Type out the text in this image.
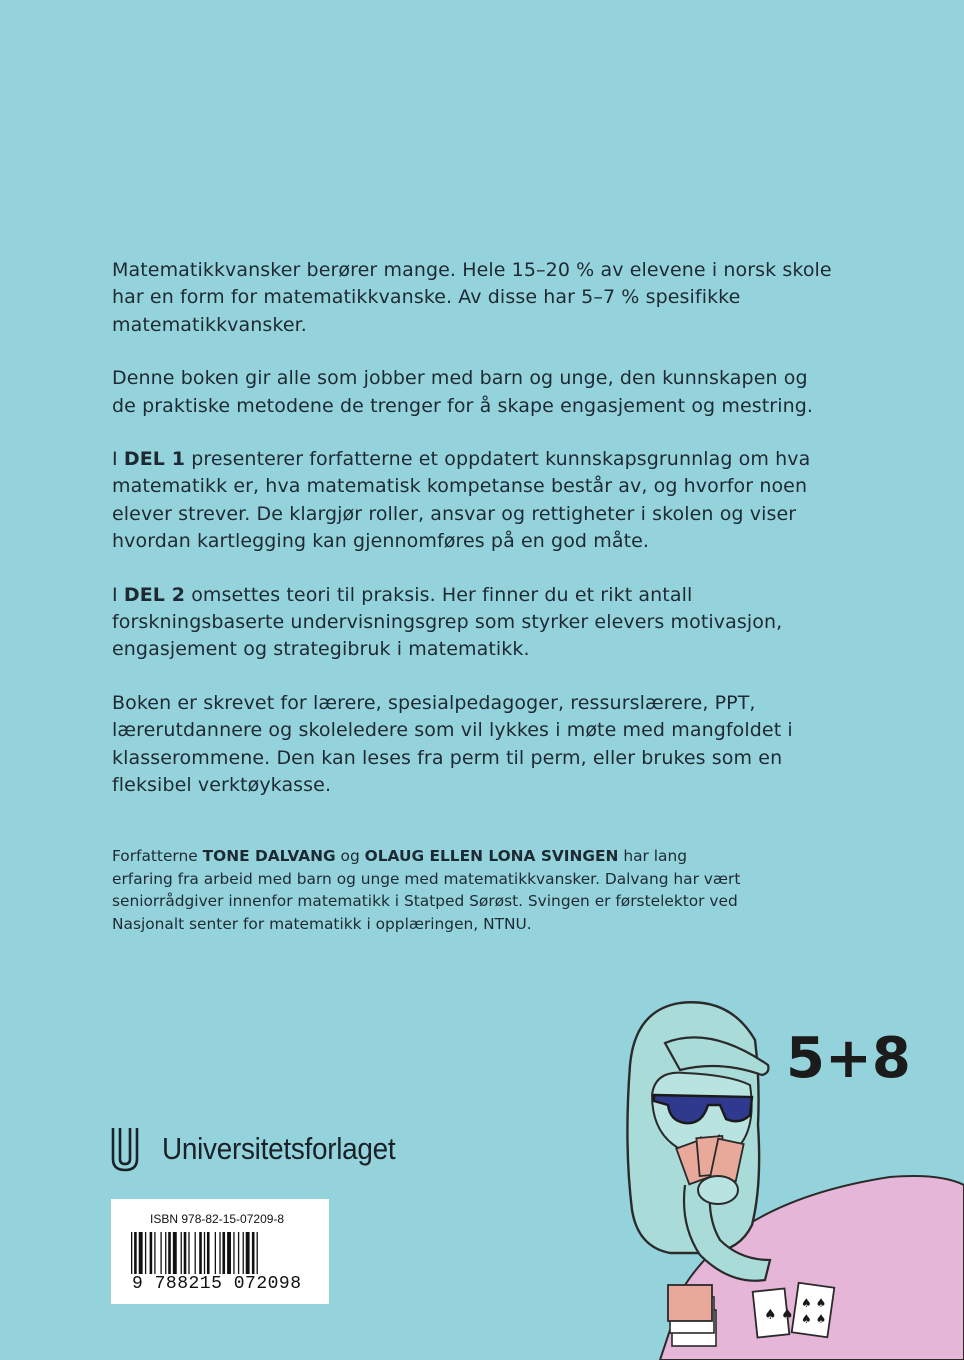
Matematikkvansker berører mange. Hele 15–20 % av elevene i norsk skole har en form for matematikkvanske. Av disse har 5–7 % spesifikke matematikkvansker.

Denne boken gir alle som jobber med barn og unge, den kunnskapen og de praktiske metodene de trenger for å skape engasjement og mestring.

I DEL 1 presenterer forfatterne et oppdatert kunnskapsgrunnlag om hva matematikk er, hva matematisk kompetanse består av, og hvorfor noen elever strever. De klargjør roller, ansvar og rettigheter i skolen og viser hvordan kartlegging kan gjennomføres på en god måte.

I DEL 2 omsettes teori til praksis. Her finner du et rikt antall forskningsbaserte undervisningsgrep som styrker elevers motivasjon, engasjement og strategibruk i matematikk.

Boken er skrevet for lærere, spesialpedagoger, ressurslærere, PPT, lærerutdannere og skoleledere som vil lykkes i møte med mangfoldet i klasserommene. Den kan leses fra perm til perm, eller brukes som en fleksibel verktøykasse.

Forfatterne TONE DALVANG og OLAUG ELLEN LONA SVINGEN har lang erfaring fra arbeid med barn og unge med matematikkvansker. Dalvang har vært seniorrådgiver innenfor matematikk i Statped Sørøst. Svingen er førstelektor ved Nasjonalt senter for matematikk i opplæringen, NTNU.

Universitetsforlaget
ISBN 978-82-15-07209-8
9 788215 072098
♠ ♠
♠ ♠
♠ ♠
5+8
